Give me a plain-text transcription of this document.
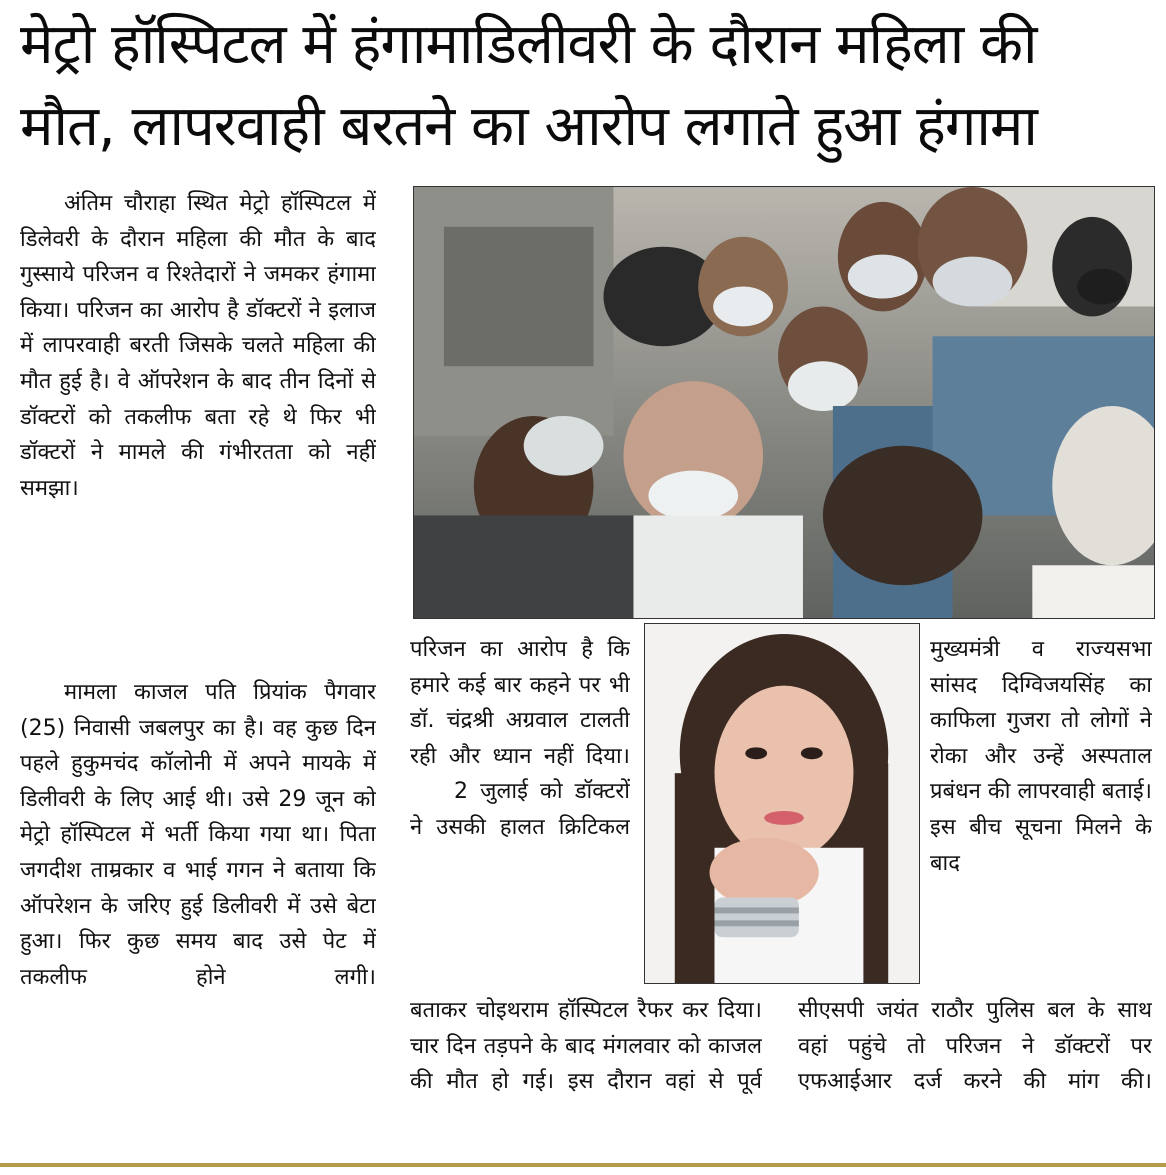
मेट्रो हॉस्पिटल में हंगामाडिलीवरी के दौरान महिला की
मौत, लापरवाही बरतने का आरोप लगाते हुआ हंगामा

अंतिम चौराहा स्थित मेट्रो हॉस्पिटल में डिलेवरी के दौरान महिला की मौत के बाद गुस्साये परिजन व रिश्तेदारों ने जमकर हंगामा किया। परिजन का आरोप है डॉक्टरों ने इलाज में लापरवाही बरती जिसके चलते महिला की मौत हुई है। वे ऑपरेशन के बाद तीन दिनों से डॉक्टरों को तकलीफ बता रहे थे फिर भी डॉक्टरों ने मामले की गंभीरतता को नहीं समझा।

मामला काजल पति प्रियांक पैगवार (25) निवासी जबलपुर का है। वह कुछ दिन पहले हुकुमचंद कॉलोनी में अपने मायके में डिलीवरी के लिए आई थी। उसे 29 जून को मेट्रो हॉस्पिटल में भर्ती किया गया था। पिता जगदीश ताम्रकार व भाई गगन ने बताया कि ऑपरेशन के जरिए हुई डिलीवरी में उसे बेटा हुआ। फिर कुछ समय बाद उसे पेट में तकलीफ होने लगी।

परिजन का आरोप है कि हमारे कई बार कहने पर भी डॉ. चंद्रश्री अग्रवाल टालती रही और ध्यान नहीं दिया।

2 जुलाई को डॉक्टरों ने उसकी हालत क्रिटिकल

मुख्यमंत्री व राज्यसभा सांसद दिग्विजयसिंह का काफिला गुजरा तो लोगों ने रोका और उन्हें अस्पताल प्रबंधन की लापरवाही बताई। इस बीच सूचना मिलने के बाद

बताकर चोइथराम हॉस्पिटल रैफर कर दिया। चार दिन तड़पने के बाद मंगलवार को काजल की मौत हो गई। इस दौरान वहां से पूर्व

सीएसपी जयंत राठौर पुलिस बल के साथ वहां पहुंचे तो परिजन ने डॉक्टरों पर एफआईआर दर्ज करने की मांग की।
